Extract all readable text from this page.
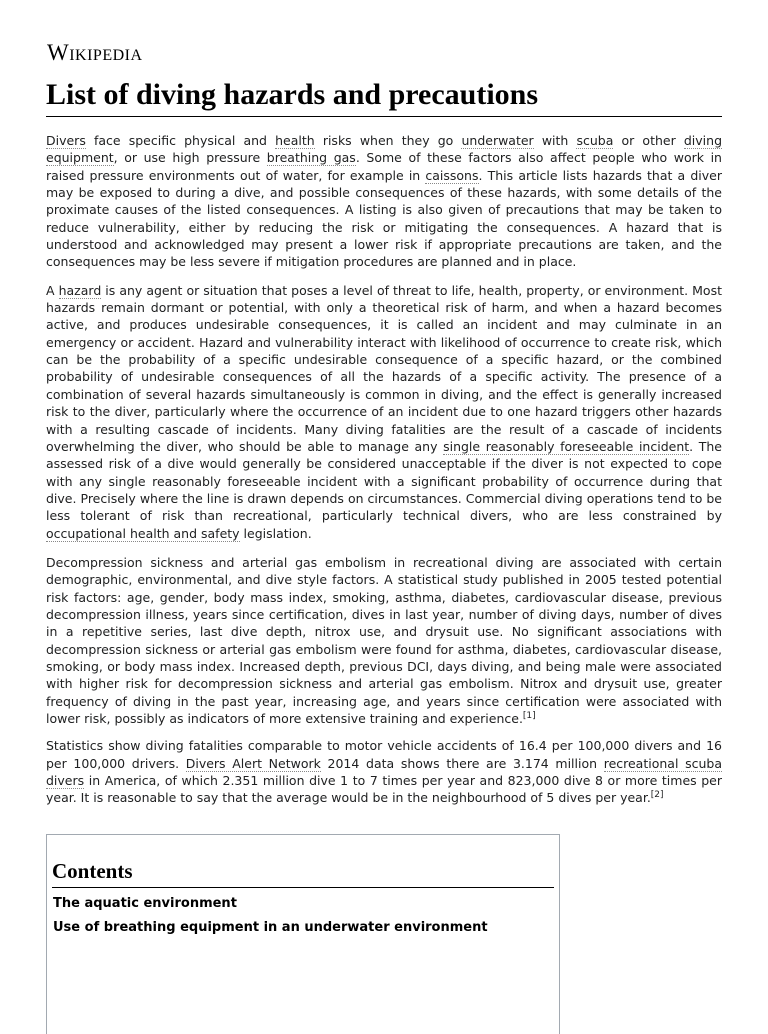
Wikipedia
List of diving hazards and precautions

Divers face specific physical and health risks when they go underwater with scuba or other diving equipment, or use high pressure breathing gas. Some of these factors also affect people who work in raised pressure environments out of water, for example in caissons. This article lists hazards that a diver may be exposed to during a dive, and possible consequences of these hazards, with some details of the proximate causes of the listed consequences. A listing is also given of precautions that may be taken to reduce vulnerability, either by reducing the risk or mitigating the consequences. A hazard that is understood and acknowledged may present a lower risk if appropriate precautions are taken, and the consequences may be less severe if mitigation procedures are planned and in place.

A hazard is any agent or situation that poses a level of threat to life, health, property, or environment. Most hazards remain dormant or potential, with only a theoretical risk of harm, and when a hazard becomes active, and produces undesirable consequences, it is called an incident and may culminate in an emergency or accident. Hazard and vulnerability interact with likelihood of occurrence to create risk, which can be the probability of a specific undesirable consequence of a specific hazard, or the combined probability of undesirable consequences of all the hazards of a specific activity. The presence of a combination of several hazards simultaneously is common in diving, and the effect is generally increased risk to the diver, particularly where the occurrence of an incident due to one hazard triggers other hazards with a resulting cascade of incidents. Many diving fatalities are the result of a cascade of incidents overwhelming the diver, who should be able to manage any single reasonably foreseeable incident. The assessed risk of a dive would generally be considered unacceptable if the diver is not expected to cope with any single reasonably foreseeable incident with a significant probability of occurrence during that dive. Precisely where the line is drawn depends on circumstances. Commercial diving operations tend to be less tolerant of risk than recreational, particularly technical divers, who are less constrained by occupational health and safety legislation.

Decompression sickness and arterial gas embolism in recreational diving are associated with certain demographic, environmental, and dive style factors. A statistical study published in 2005 tested potential risk factors: age, gender, body mass index, smoking, asthma, diabetes, cardiovascular disease, previous decompression illness, years since certification, dives in last year, number of diving days, number of dives in a repetitive series, last dive depth, nitrox use, and drysuit use. No significant associations with decompression sickness or arterial gas embolism were found for asthma, diabetes, cardiovascular disease, smoking, or body mass index. Increased depth, previous DCI, days diving, and being male were associated with higher risk for decompression sickness and arterial gas embolism. Nitrox and drysuit use, greater frequency of diving in the past year, increasing age, and years since certification were associated with lower risk, possibly as indicators of more extensive training and experience.[1]

Statistics show diving fatalities comparable to motor vehicle accidents of 16.4 per 100,000 divers and 16 per 100,000 drivers. Divers Alert Network 2014 data shows there are 3.174 million recreational scuba divers in America, of which 2.351 million dive 1 to 7 times per year and 823,000 dive 8 or more times per year. It is reasonable to say that the average would be in the neighbourhood of 5 dives per year.[2]

Contents
The aquatic environment
Use of breathing equipment in an underwater environment
